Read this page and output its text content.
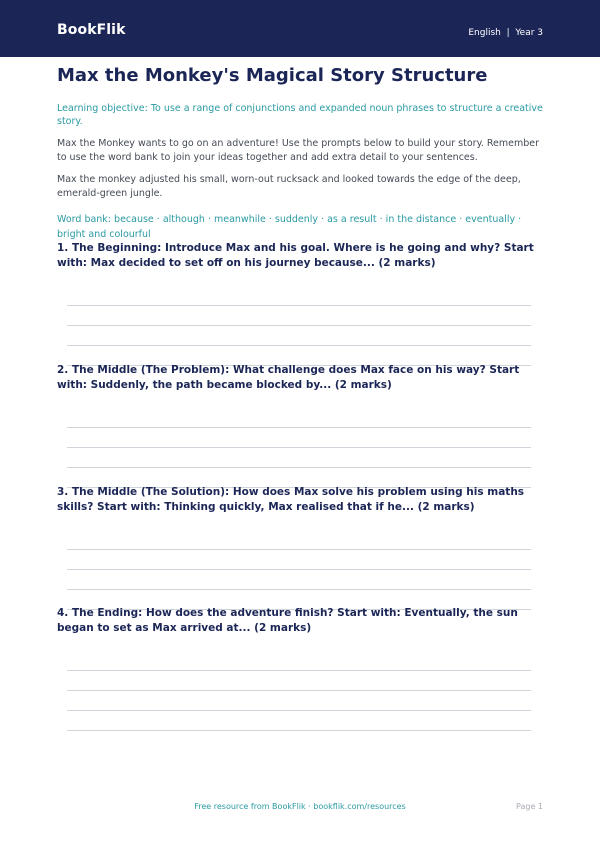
BookFlik	English  |  Year 3
Max the Monkey's Magical Story Structure

Learning objective: To use a range of conjunctions and expanded noun phrases to structure a creative story.

Max the Monkey wants to go on an adventure! Use the prompts below to build your story. Remember to use the word bank to join your ideas together and add extra detail to your sentences.

Max the monkey adjusted his small, worn-out rucksack and looked towards the edge of the deep, emerald-green jungle.

Word bank: because · although · meanwhile · suddenly · as a result · in the distance · eventually · bright and colourful

1. The Beginning: Introduce Max and his goal. Where is he going and why? Start with: Max decided to set off on his journey because... (2 marks)

2. The Middle (The Problem): What challenge does Max face on his way? Start with: Suddenly, the path became blocked by... (2 marks)

3. The Middle (The Solution): How does Max solve his problem using his maths skills? Start with: Thinking quickly, Max realised that if he... (2 marks)

4. The Ending: How does the adventure finish? Start with: Eventually, the sun began to set as Max arrived at... (2 marks)

Free resource from BookFlik · bookflik.com/resources	Page 1
